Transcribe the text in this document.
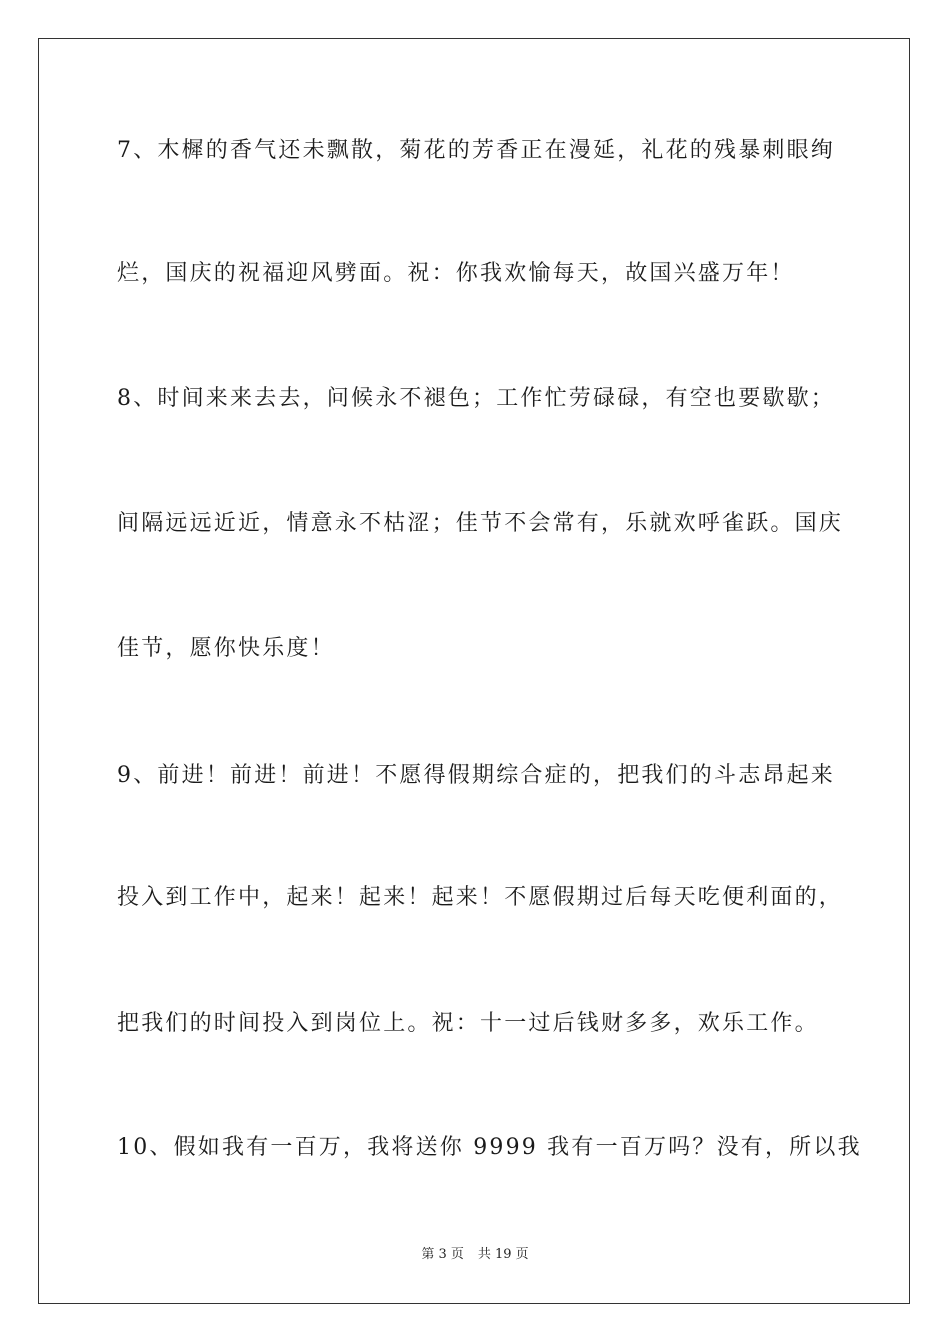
7、木樨的香气还未飘散，菊花的芳香正在漫延，礼花的残暴刺眼绚
烂，国庆的祝福迎风劈面。祝：你我欢愉每天，故国兴盛万年！
8、时间来来去去，问候永不褪色；工作忙劳碌碌，有空也要歇歇；
间隔远远近近，情意永不枯涩；佳节不会常有，乐就欢呼雀跃。国庆
佳节，愿你快乐度！
9、前进！前进！前进！不愿得假期综合症的，把我们的斗志昂起来
投入到工作中，起来！起来！起来！不愿假期过后每天吃便利面的，
把我们的时间投入到岗位上。祝：十一过后钱财多多，欢乐工作。
10、假如我有一百万，我将送你 9999 我有一百万吗？没有，所以我
第 3 页 共 19 页
